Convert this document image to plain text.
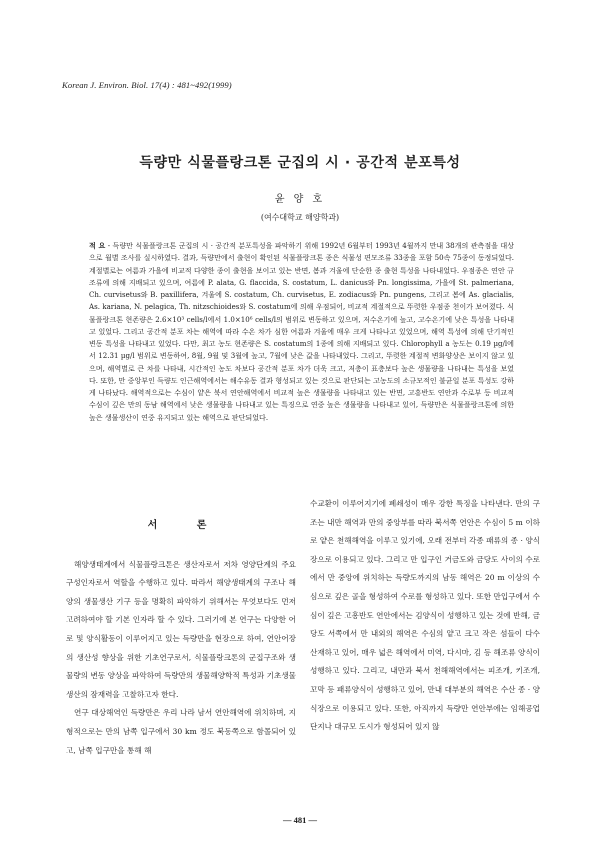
Korean J. Environ. Biol. 17(4) : 481~492(1999)
득량만 식물플랑크톤 군집의 시 · 공간적 분포특성
윤 양 호
(여수대학교 해양학과)
적 요 - 득량만 식물플랑크톤 군집의 시 · 공간적 분포특성을 파악하기 위해 1992년 6월부터 1993년 4월까지 만내 38개의 관측점을 대상으로 월별 조사를 실시하였다. 결과, 득량만에서 출현이 확인된 식물플랑크톤 종은 식물성 편모조류 33종을 포함 50속 75종이 동정되었다. 계절별로는 여름과 가을에 비교적 다양한 종이 출현을 보이고 있는 반면, 봄과 겨울에 단순한 종 출현 특성을 나타내었다. 우점종은 연안 규조류에 의해 지배되고 있으며, 여름에 P. alata, G. flaccida, S. costatum, L. danicus와 Pn. longissima, 가을에 St. palmeriana, Ch. curvisetus와 B. paxillifera, 겨울에 S. costatum, Ch. curvisetus, E. zodiacus와 Pn. pungens, 그리고 봄에 As. glacialis, As. kariana, N. pelagica, Th. nitzschioides와 S. costatum에 의해 우점되어, 비교적 계절적으로 뚜렷한 우점종 천이가 보여졌다. 식물플랑크톤 현존량은 2.6×10³ cells/l에서 1.0×10⁶ cells/l의 범위로 변동하고 있으며, 저수온기에 높고, 고수온기에 낮은 특성을 나타내고 있었다. 그리고 공간적 분포 차는 해역에 따라 수온 차가 심한 여름과 겨울에 매우 크게 나타나고 있었으며, 해역 특성에 의해 단기적인 변동 특성을 나타내고 있었다. 다만, 최고 농도 현존량은 S. costatum의 1종에 의해 지배되고 있다. Chlorophyll a 농도는 0.19 µg/l에서 12.31 µg/l 범위로 변동하여, 8월, 9월 및 3월에 높고, 7월에 낮은 값을 나타내었다. 그리고, 뚜렷한 계절적 변화양상은 보이지 않고 있으며, 해역별로 큰 차를 나타내, 시간적인 농도 차보다 공간적 분포 차가 더욱 크고, 저층이 표층보다 높은 생물량을 나타내는 특성을 보였다. 또한, 만 중앙부인 득량도 인근해역에서는 해수유동 결과 형성되고 있는 것으로 판단되는 고농도의 소규모적인 불균일 분포 특성도 강하게 나타났다. 해역적으로는 수심이 얕은 북서 연안해역에서 비교적 높은 생물량을 나타내고 있는 반면, 고흥반도 연안과 수로부 등 비교적 수심이 깊은 만의 동남 해역에서 낮은 생물량을 나타내고 있는 특징으로 연중 높은 생물량을 나타내고 있어, 득량만은 식물플랑크톤에 의한 높은 생물생산이 연중 유지되고 있는 해역으로 판단되었다.
서 론

해양생태계에서 식물플랑크톤은 생산자로서 저차 영양단계의 주요 구성인자로서 역할을 수행하고 있다. 따라서 해양생태계의 구조나 해양의 생물생산 기구 등을 명확히 파악하기 위해서는 무엇보다도 먼저 고려하여야 할 기본 인자라 할 수 있다. 그러기에 본 연구는 다양한 어로 및 양식활동이 이루어지고 있는 득량만을 현장으로 하여, 연안어장의 생산성 향상을 위한 기초연구로서, 식물플랑크톤의 군집구조와 생물량의 변동 양상을 파악하여 득량만의 생물해양학적 특성과 기초생물생산의 잠재력을 고찰하고자 한다.

연구 대상해역인 득량만은 우리 나라 남서 연안해역에 위치하며, 지형적으로는 만의 남쪽 입구에서 30 km 정도 북동쪽으로 함몰되어 있고, 남쪽 입구만을 통해 해

수교환이 이루어지기에 폐쇄성이 매우 강한 특징을 나타낸다. 만의 구조는 내만 해역과 만의 중앙부를 따라 북서쪽 연안은 수심이 5 m 이하로 얕은 천해해역을 이루고 있기에, 오래 전부터 각종 패류의 종 · 양식장으로 이용되고 있다. 그리고 만 입구인 거금도와 금당도 사이의 수로에서 만 중앙에 위치하는 득량도까지의 남동 해역은 20 m 이상의 수심으로 깊은 골을 형성하여 수로를 형성하고 있다. 또한 만입구에서 수심이 깊은 고흥반도 연안에서는 김양식이 성행하고 있는 것에 반해, 금당도 서쪽에서 만 내외의 해역은 수심의 얕고 크고 작은 섬들이 다수 산재하고 있어, 매우 넓은 해역에서 미역, 다시마, 김 등 해조류 양식이 성행하고 있다. 그리고, 내만과 북서 천해해역에서는 피조개, 키조개, 꼬막 등 패류양식이 성행하고 있어, 만내 대부분의 해역은 수산 종 · 양식장으로 이용되고 있다. 또한, 아직까지 득량만 연안부에는 임해공업단지나 대규모 도시가 형성되어 있지 않

— 481 —
